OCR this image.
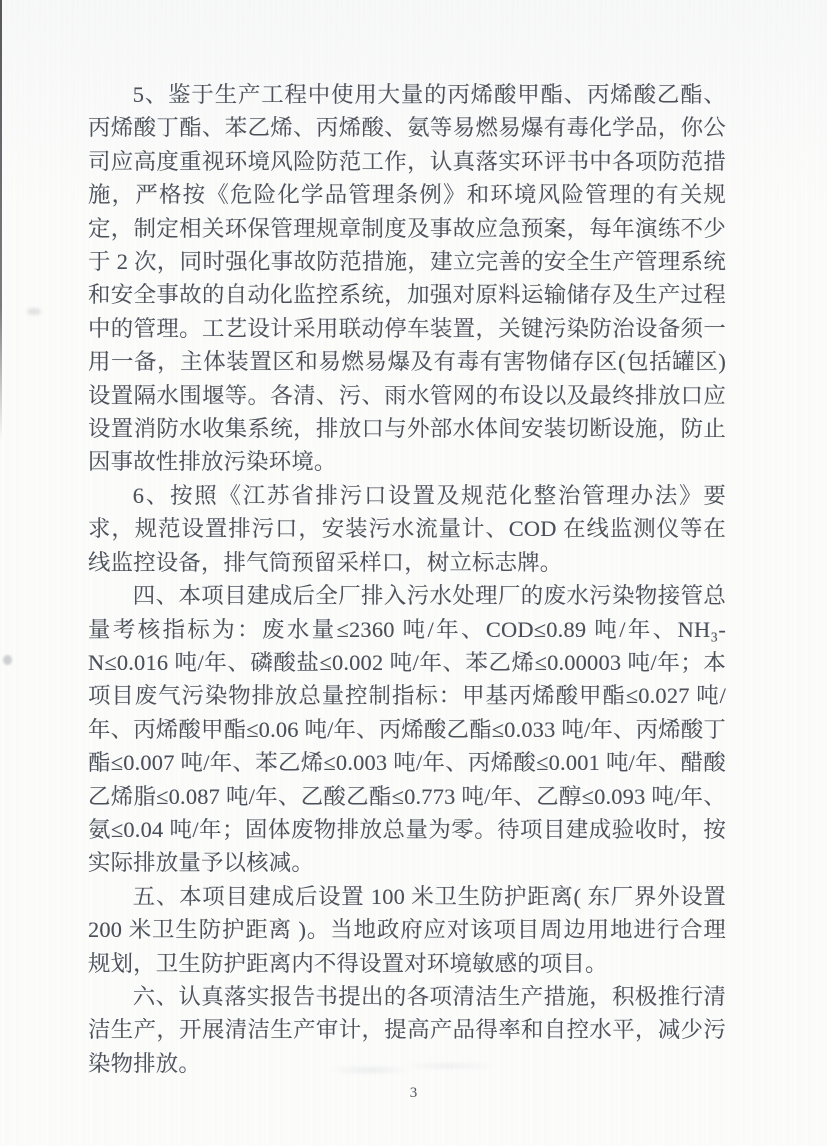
5、鉴于生产工程中使用大量的丙烯酸甲酯、丙烯酸乙酯、丙烯酸丁酯、苯乙烯、丙烯酸、氨等易燃易爆有毒化学品，你公司应高度重视环境风险防范工作，认真落实环评书中各项防范措施，严格按《危险化学品管理条例》和环境风险管理的有关规定，制定相关环保管理规章制度及事故应急预案，每年演练不少于 2 次，同时强化事故防范措施，建立完善的安全生产管理系统和安全事故的自动化监控系统，加强对原料运输储存及生产过程中的管理。工艺设计采用联动停车装置，关键污染防治设备须一用一备，主体装置区和易燃易爆及有毒有害物储存区(包括罐区)设置隔水围堰等。各清、污、雨水管网的布设以及最终排放口应设置消防水收集系统，排放口与外部水体间安装切断设施，防止因事故性排放污染环境。

6、按照《江苏省排污口设置及规范化整治管理办法》要求，规范设置排污口，安装污水流量计、COD 在线监测仪等在线监控设备，排气筒预留采样口，树立标志牌。

四、本项目建成后全厂排入污水处理厂的废水污染物接管总量考核指标为：废水量≤2360 吨/年、COD≤0.89 吨/年、NH₃-N≤0.016 吨/年、磷酸盐≤0.002 吨/年、苯乙烯≤0.00003 吨/年；本项目废气污染物排放总量控制指标：甲基丙烯酸甲酯≤0.027 吨/年、丙烯酸甲酯≤0.06 吨/年、丙烯酸乙酯≤0.033 吨/年、丙烯酸丁酯≤0.007 吨/年、苯乙烯≤0.003 吨/年、丙烯酸≤0.001 吨/年、醋酸乙烯脂≤0.087 吨/年、乙酸乙酯≤0.773 吨/年、乙醇≤0.093 吨/年、氨≤0.04 吨/年；固体废物排放总量为零。待项目建成验收时，按实际排放量予以核减。

五、本项目建成后设置 100 米卫生防护距离( 东厂界外设置 200 米卫生防护距离 )。当地政府应对该项目周边用地进行合理规划，卫生防护距离内不得设置对环境敏感的项目。

六、认真落实报告书提出的各项清洁生产措施，积极推行清洁生产，开展清洁生产审计，提高产品得率和自控水平，减少污染物排放。

3
